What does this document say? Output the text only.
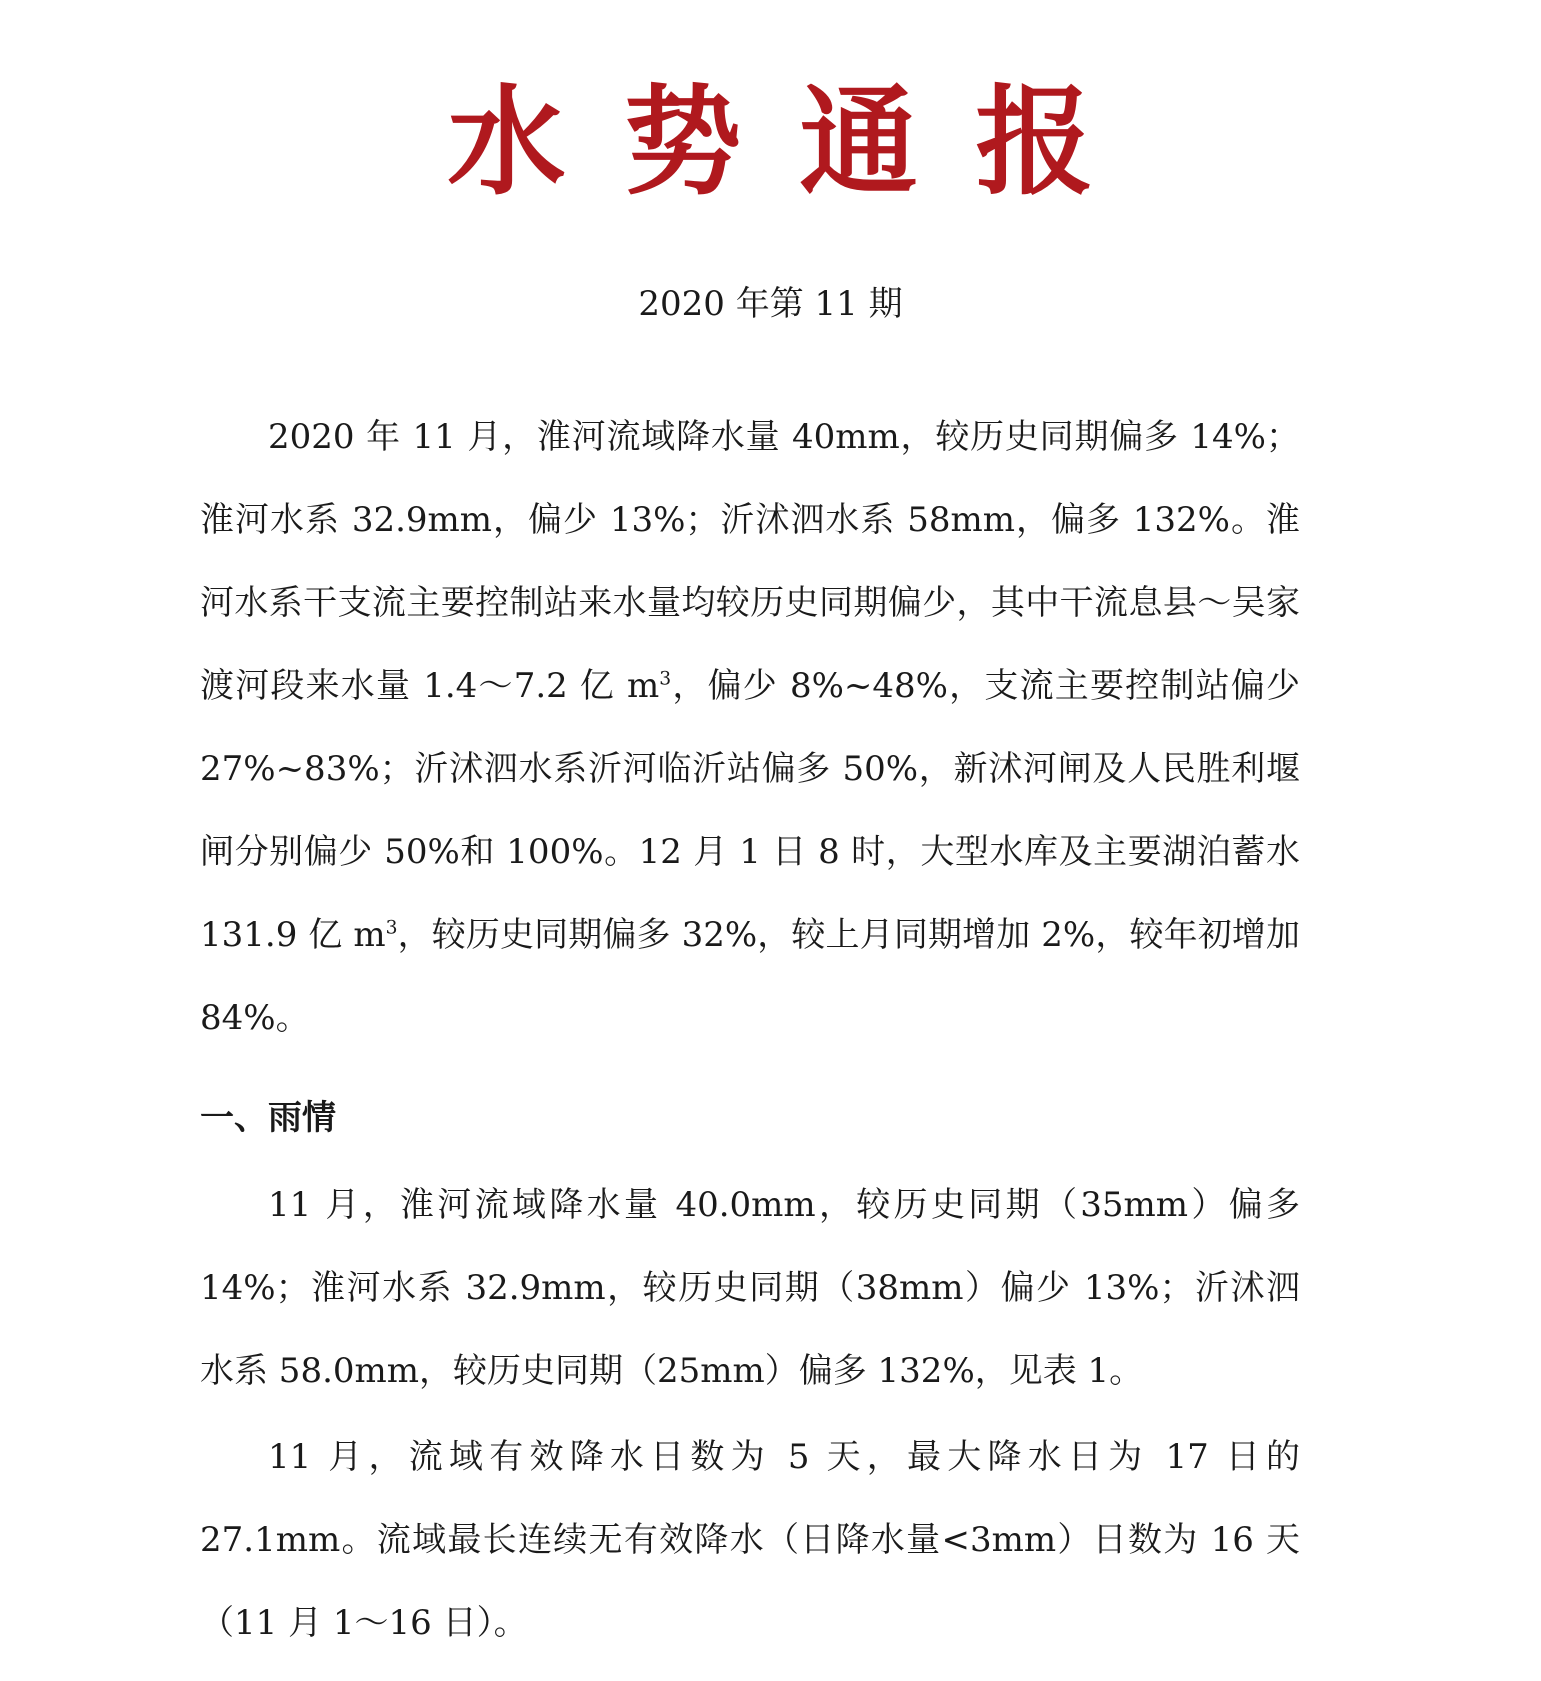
水势通报
2020 年第 11 期

2020 年 11 月，淮河流域降水量 40mm，较历史同期偏多 14%；淮河水系 32.9mm，偏少 13%；沂沭泗水系 58mm，偏多 132%。淮河水系干支流主要控制站来水量均较历史同期偏少，其中干流息县～吴家渡河段来水量 1.4～7.2 亿 $m^3$，偏少 8%~48%，支流主要控制站偏少 27%~83%；沂沭泗水系沂河临沂站偏多 50%，新沭河闸及人民胜利堰闸分别偏少 50%和 100%。12 月 1 日 8 时，大型水库及主要湖泊蓄水 131.9 亿 $m^3$，较历史同期偏多 32%，较上月同期增加 2%，较年初增加 84%。

一、雨情

11 月，淮河流域降水量 40.0mm，较历史同期（35mm）偏多 14%；淮河水系 32.9mm，较历史同期（38mm）偏少 13%；沂沭泗水系 58.0mm，较历史同期（25mm）偏多 132%，见表 1。

11 月，流域有效降水日数为 5 天，最大降水日为 17 日的 27.1mm。流域最长连续无有效降水（日降水量<3mm）日数为 16 天（11 月 1～16 日）。
